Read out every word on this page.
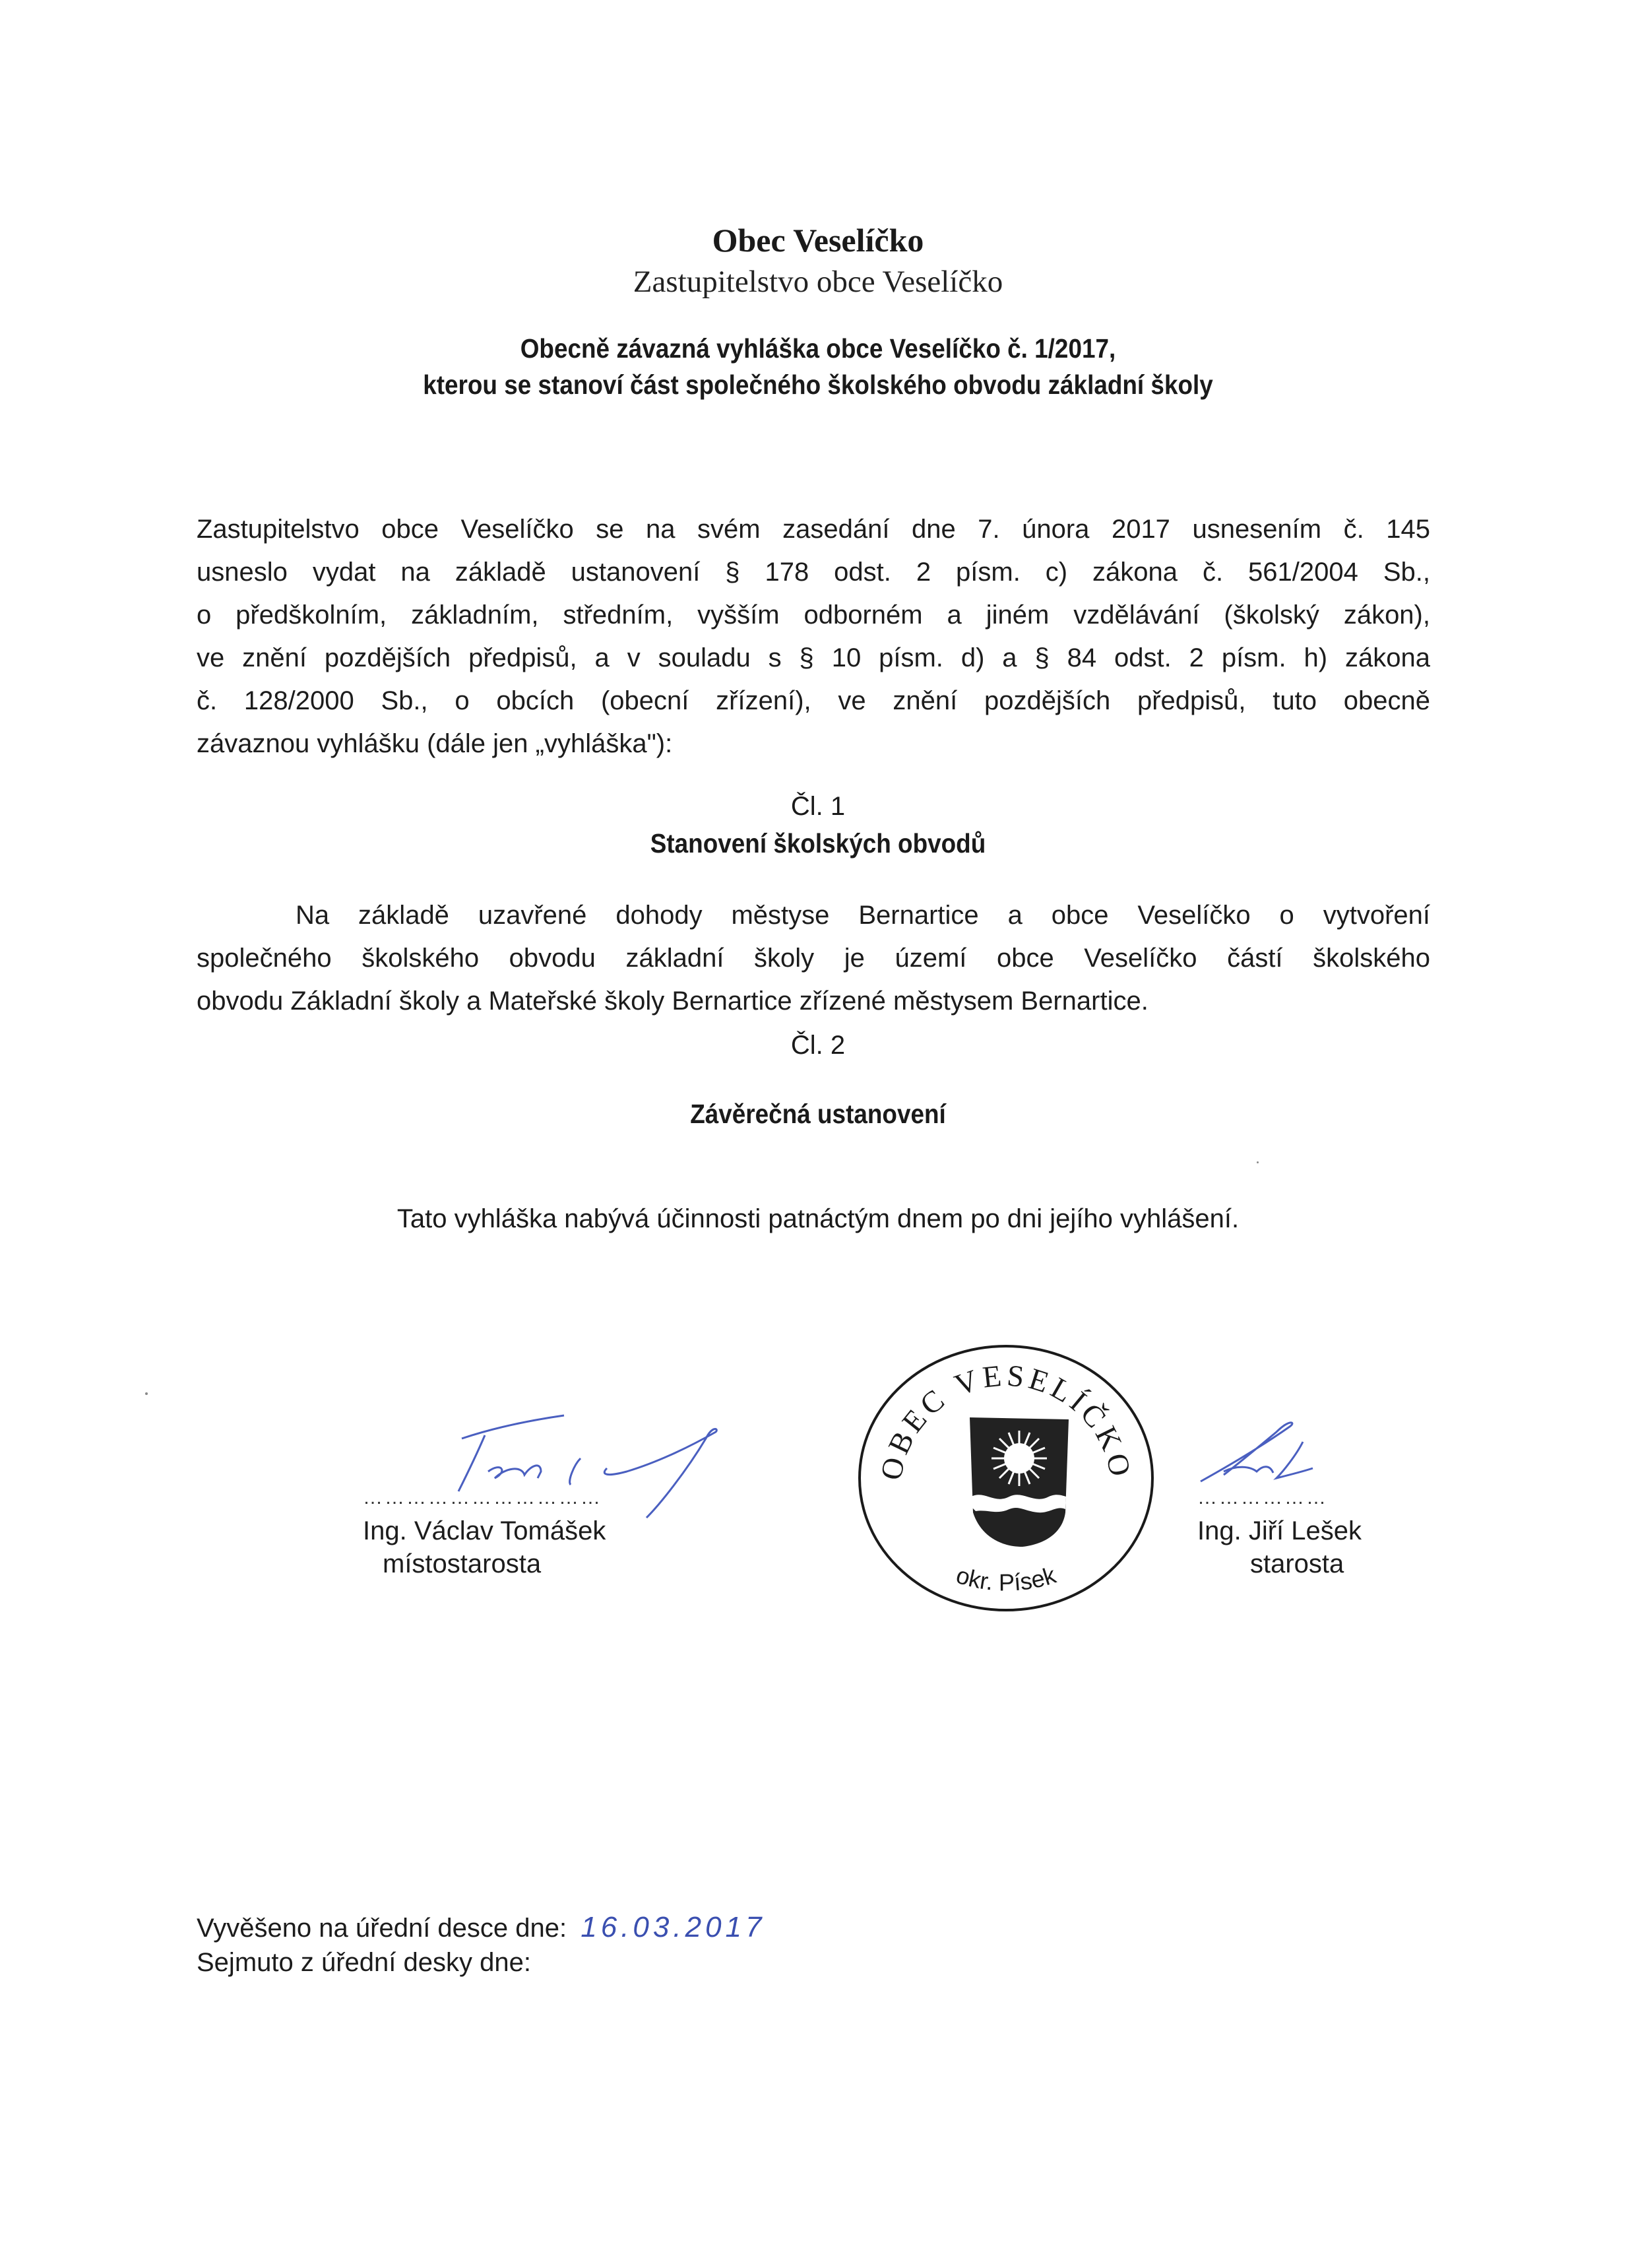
Obec Veselíčko
Zastupitelstvo obce Veselíčko
Obecně závazná vyhláška obce Veselíčko č. 1/2017,
kterou se stanoví část společného školského obvodu základní školy
Zastupitelstvo obce Veselíčko se na svém zasedání dne 7. února 2017 usnesením č. 145
usneslo vydat na základě ustanovení § 178 odst. 2 písm. c) zákona č. 561/2004 Sb.,
o předškolním, základním, středním, vyšším odborném a jiném vzdělávání (školský zákon),
ve znění pozdějších předpisů, a v souladu s § 10 písm. d) a § 84 odst. 2 písm. h) zákona
č. 128/2000 Sb., o obcích (obecní zřízení), ve znění pozdějších předpisů, tuto obecně
závaznou vyhlášku (dále jen „vyhláška"):
Čl. 1
Stanovení školských obvodů
Na základě uzavřené dohody městyse Bernartice a obce Veselíčko o vytvoření
společného školského obvodu základní školy je území obce Veselíčko částí školského
obvodu Základní školy a Mateřské školy Bernartice zřízené městysem Bernartice.
Čl. 2
Závěrečná ustanovení
Tato vyhláška nabývá účinnosti patnáctým dnem po dni jejího vyhlášení.
……………………………
Ing. Václav Tomášek
místostarosta
OBEC VESELÍČKO
okr. Písek
………………
Ing. Jiří Lešek
starosta
Vyvěšeno na úřední desce dne: 16.03.2017
Sejmuto z úřední desky dne:
